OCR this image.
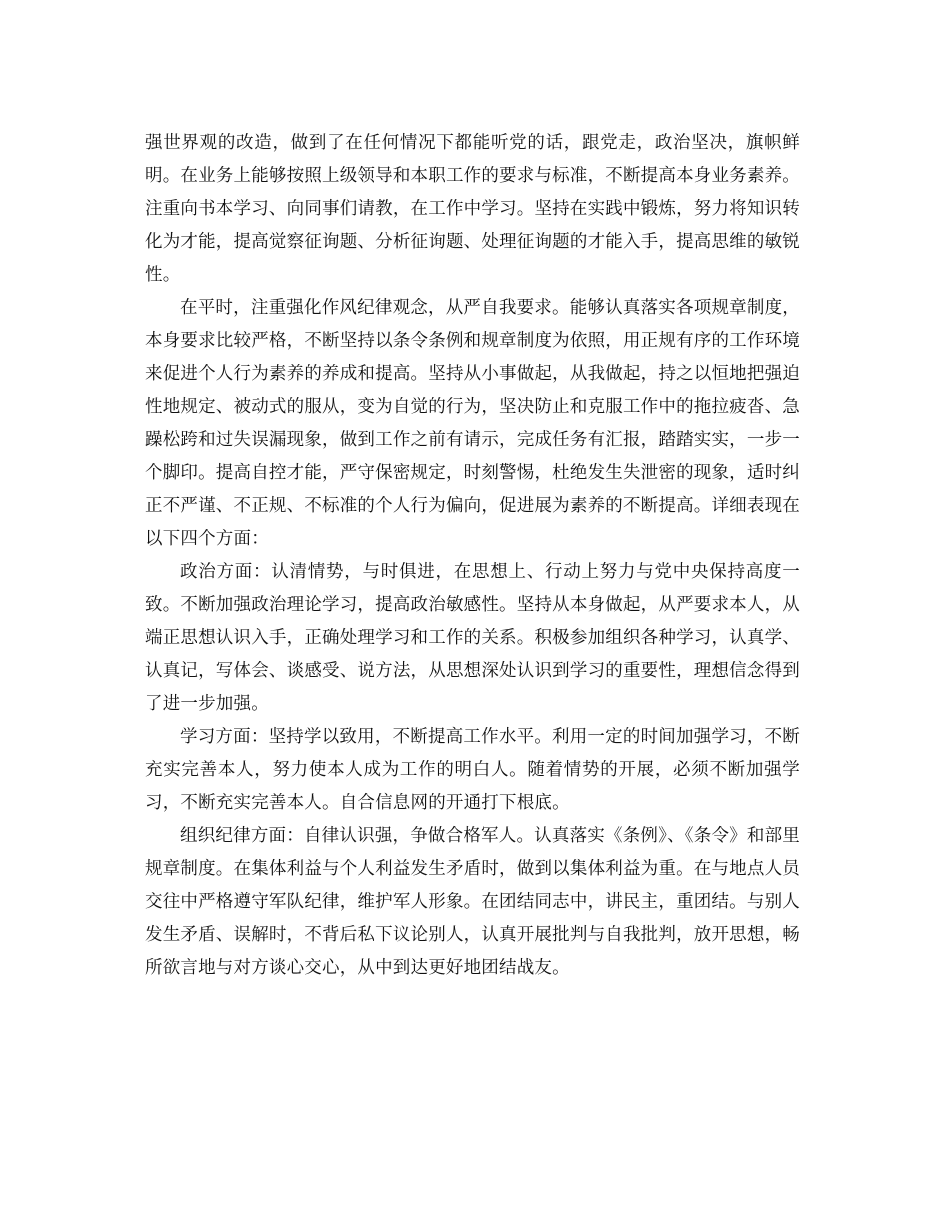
强世界观的改造，做到了在任何情况下都能听党的话，跟党走，政治坚决，旗帜鲜明。在业务上能够按照上级领导和本职工作的要求与标准，不断提高本身业务素养。注重向书本学习、向同事们请教，在工作中学习。坚持在实践中锻炼，努力将知识转化为才能，提高觉察征询题、分析征询题、处理征询题的才能入手，提高思维的敏锐性。

在平时，注重强化作风纪律观念，从严自我要求。能够认真落实各项规章制度，本身要求比较严格，不断坚持以条令条例和规章制度为依照，用正规有序的工作环境来促进个人行为素养的养成和提高。坚持从小事做起，从我做起，持之以恒地把强迫性地规定、被动式的服从，变为自觉的行为，坚决防止和克服工作中的拖拉疲沓、急躁松跨和过失误漏现象，做到工作之前有请示，完成任务有汇报，踏踏实实，一步一个脚印。提高自控才能，严守保密规定，时刻警惕，杜绝发生失泄密的现象，适时纠正不严谨、不正规、不标准的个人行为偏向，促进展为素养的不断提高。详细表现在以下四个方面：

政治方面：认清情势，与时俱进，在思想上、行动上努力与党中央保持高度一致。不断加强政治理论学习，提高政治敏感性。坚持从本身做起，从严要求本人，从端正思想认识入手，正确处理学习和工作的关系。积极参加组织各种学习，认真学、认真记，写体会、谈感受、说方法，从思想深处认识到学习的重要性，理想信念得到了进一步加强。

学习方面：坚持学以致用，不断提高工作水平。利用一定的时间加强学习，不断充实完善本人，努力使本人成为工作的明白人。随着情势的开展，必须不断加强学习，不断充实完善本人。自合信息网的开通打下根底。

组织纪律方面：自律认识强，争做合格军人。认真落实《条例》、《条令》和部里规章制度。在集体利益与个人利益发生矛盾时，做到以集体利益为重。在与地点人员交往中严格遵守军队纪律，维护军人形象。在团结同志中，讲民主，重团结。与别人发生矛盾、误解时，不背后私下议论别人，认真开展批判与自我批判，放开思想，畅所欲言地与对方谈心交心，从中到达更好地团结战友。
